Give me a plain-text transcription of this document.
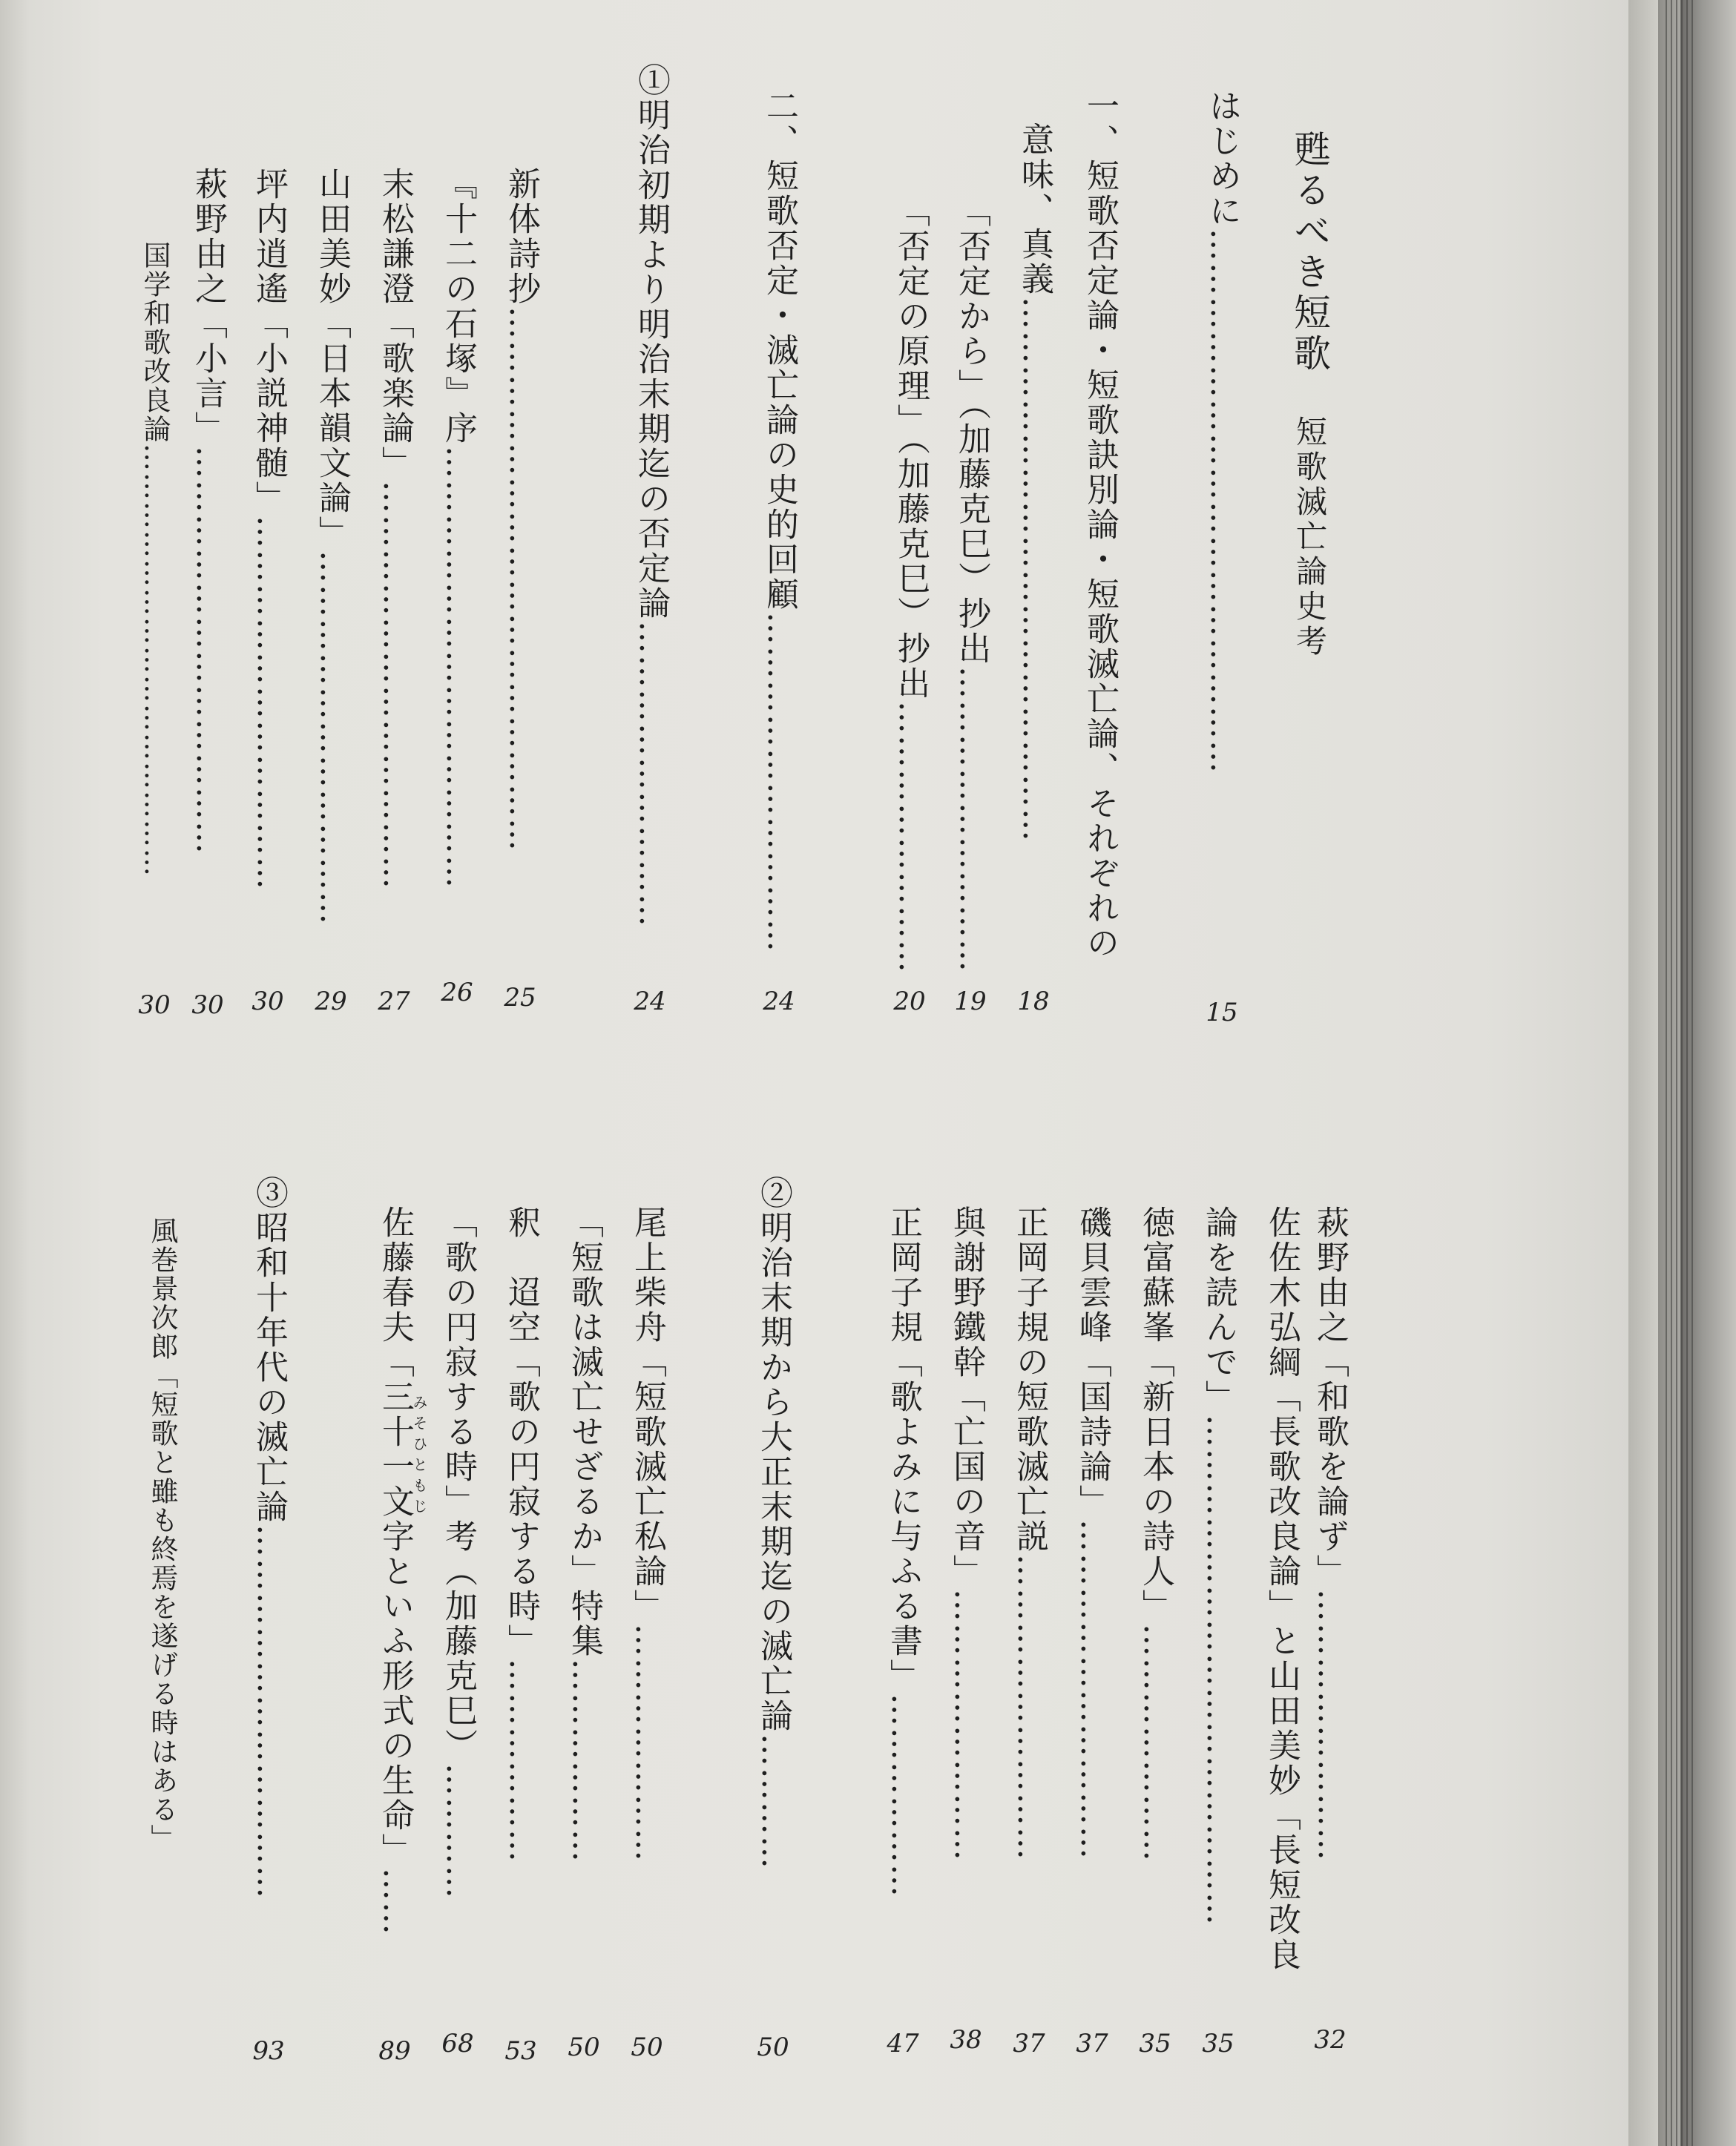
甦るべき短歌短歌滅亡論史考
はじめに…………………………………………
15
一、短歌否定論・短歌訣別論・短歌滅亡論、それぞれの
意味、真義…………………………………………
18
「否定から」（加藤克巳）抄出………………………
19
「否定の原理」（加藤克巳）抄出……………………
20
二、短歌否定・滅亡論の史的回顧…………………………
24
①明治初期より明治末期迄の否定論………………………
24
新体詩抄…………………………………………
25
『十二の石塚』序…………………………………
26
末松謙澄「歌楽論」………………………………
27
山田美妙「日本韻文論」……………………………
29
坪内逍遙「小説神髄」……………………………
30
萩野由之「小言」………………………………
30
国学和歌改良論………………………………………
30
萩野由之「和歌を論ず」……………………
32
佐佐木弘綱「長歌改良論」と山田美妙「長短改良
論を読んで」………………………………………
35
徳富蘇峯「新日本の詩人」…………………
35
磯貝雲峰「国詩論」…………………………
37
正岡子規の短歌滅亡説………………………
37
與謝野鐵幹「亡国の音」……………………
38
正岡子規「歌よみに与ふる書」………………
47
②明治末期から大正末期迄の滅亡論…………
50
尾上柴舟「短歌滅亡私論」…………………
50
「短歌は滅亡せざるか」特集………………
50
釈　迢空「歌の円寂する時」………………
53
「歌の円寂する時」考（加藤克巳）…………
68
みそひともじ
佐藤春夫「三十一文字といふ形式の生命」……
89
③昭和十年代の滅亡論……………………………
93
風巻景次郎「短歌と雖も終焉を遂げる時はある」
